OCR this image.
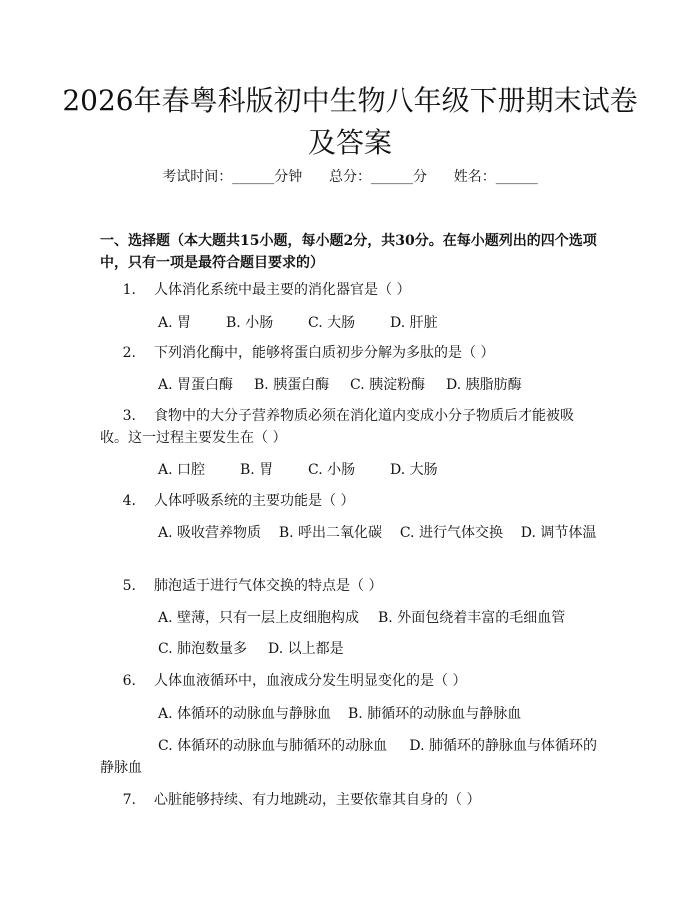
2026年春粤科版初中生物八年级下册期末试卷及答案
考试时间：______分钟 总分：______分 姓名：______

一、选择题（本大题共15小题，每小题2分，共30分。在每小题列出的四个选项中，只有一项是最符合题目要求的）

1. 人体消化系统中最主要的消化器官是（ ）

A. 胃 B. 小肠 C. 大肠 D. 肝脏

2. 下列消化酶中，能够将蛋白质初步分解为多肽的是（ ）

A. 胃蛋白酶 B. 胰蛋白酶 C. 胰淀粉酶 D. 胰脂肪酶

3. 食物中的大分子营养物质必须在消化道内变成小分子物质后才能被吸收。这一过程主要发生在（ ）

A. 口腔 B. 胃 C. 小肠 D. 大肠

4. 人体呼吸系统的主要功能是（ ）

A. 吸收营养物质 B. 呼出二氧化碳 C. 进行气体交换 D. 调节体温

5. 肺泡适于进行气体交换的特点是（ ）

A. 壁薄，只有一层上皮细胞构成 B. 外面包绕着丰富的毛细血管

C. 肺泡数量多 D. 以上都是

6. 人体血液循环中，血液成分发生明显变化的是（ ）

A. 体循环的动脉血与静脉血 B. 肺循环的动脉血与静脉血

C. 体循环的动脉血与肺循环的动脉血 D. 肺循环的静脉血与体循环的静脉血

7. 心脏能够持续、有力地跳动，主要依靠其自身的（ ）
